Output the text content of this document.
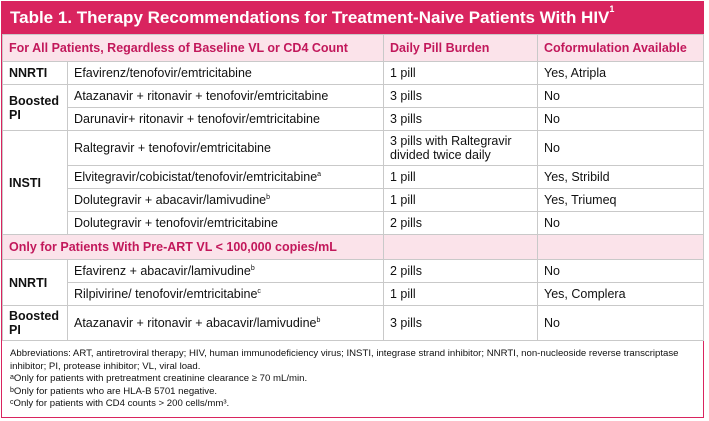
Table 1. Therapy Recommendations for Treatment-Naive Patients With HIV$^1$
For All Patients, Regardless of Baseline VL or CD4 Count		Daily Pill Burden	Coformulation Available
NNRTI	Efavirenz/tenofovir/emtricitabine	1 pill	Yes, Atripla
Boosted PI	Atazanavir + ritonavir + tenofovir/emtricitabine	3 pills	No
	Darunavir+ ritonavir + tenofovir/emtricitabine	3 pills	No
INSTI	Raltegravir + tenofovir/emtricitabine	3 pills with Raltegravir divided twice daily	No
	Elvitegravir/cobicistat/tenofovir/emtricitabine$^a$	1 pill	Yes, Stribild
	Dolutegravir + abacavir/lamivudine$^b$	1 pill	Yes, Triumeq
	Dolutegravir + tenofovir/emtricitabine	2 pills	No
Only for Patients With Pre-ART VL < 100,000 copies/mL			
NNRTI	Efavirenz + abacavir/lamivudine$^b$	2 pills	No
	Rilpivirine/ tenofovir/emtricitabine$^c$	1 pill	Yes, Complera
Boosted PI	Atazanavir + ritonavir + abacavir/lamivudine$^b$	3 pills	No
Abbreviations: ART, antiretroviral therapy; HIV, human immunodeficiency virus; INSTI, integrase strand inhibitor; NNRTI, non-nucleoside reverse transcriptase inhibitor; PI, protease inhibitor; VL, viral load.
$^a$Only for patients with pretreatment creatinine clearance ≥ 70 mL/min.
$^b$Only for patients who are HLA-B 5701 negative.
$^c$Only for patients with CD4 counts > 200 cells/mm³.
